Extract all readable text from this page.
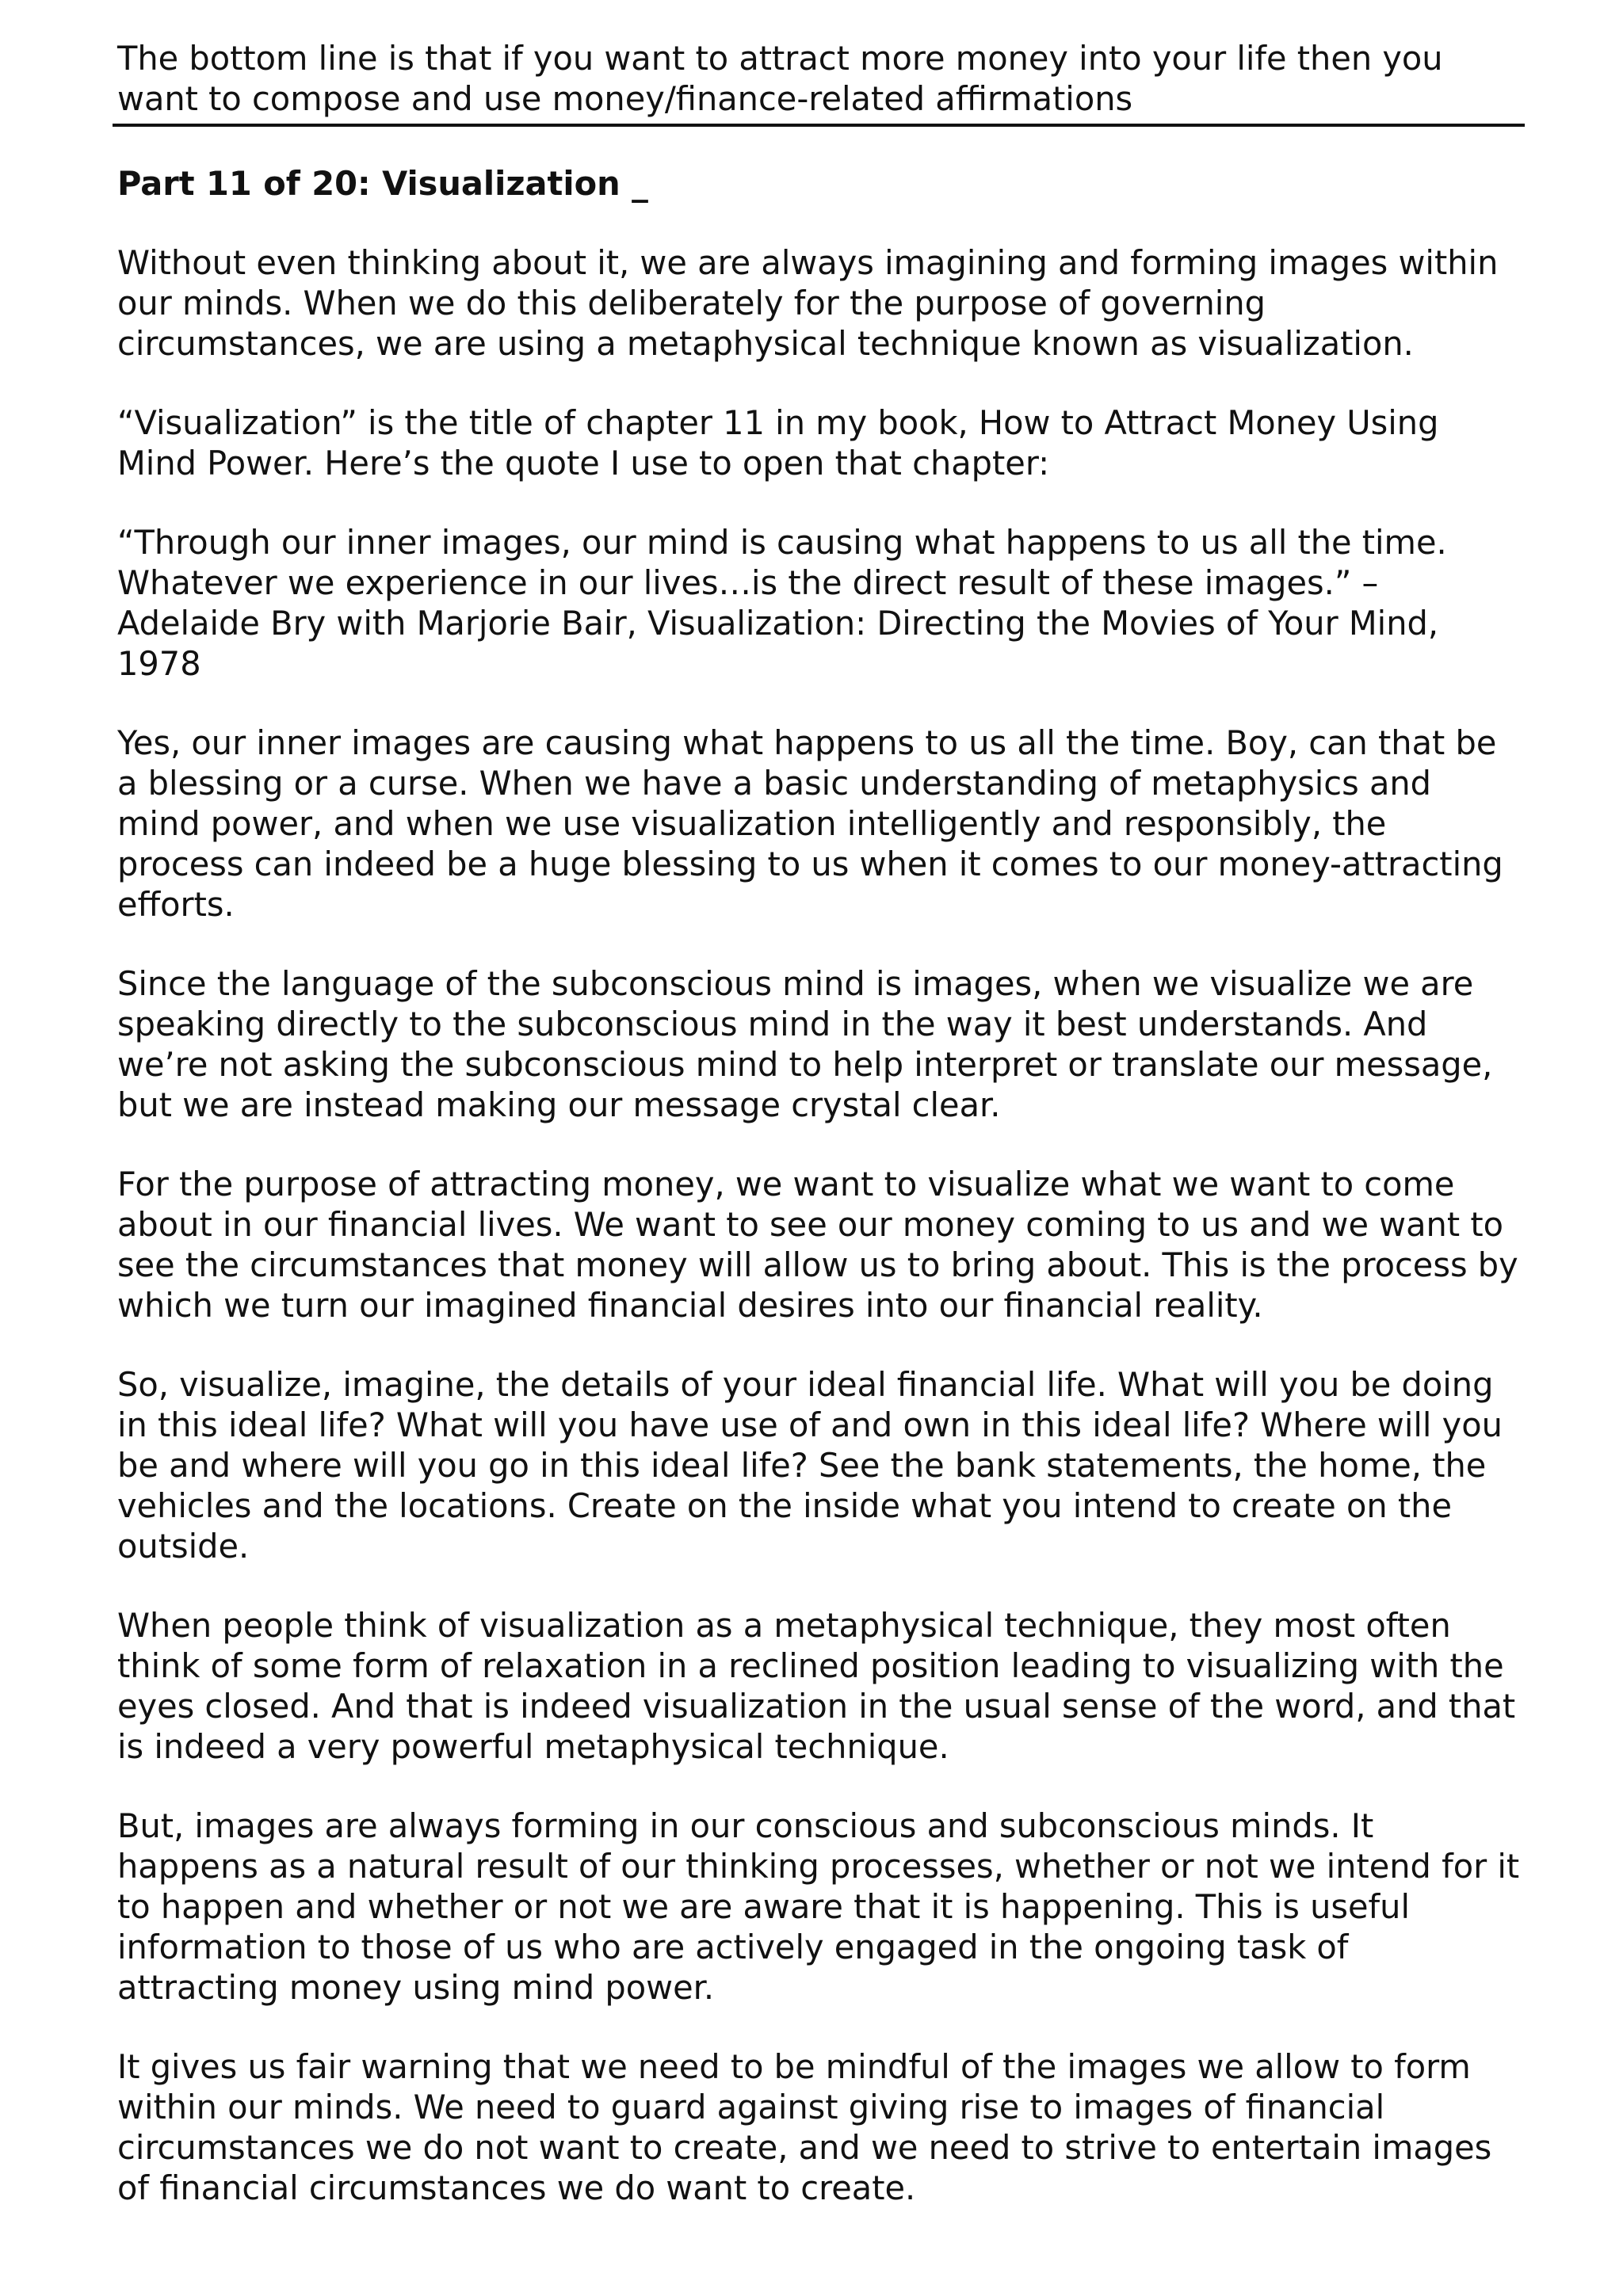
The bottom line is that if you want to attract more money into your life then you want to compose and use money/finance-related affirmations

Part 11 of 20: Visualization _

Without even thinking about it, we are always imagining and forming images within our minds. When we do this deliberately for the purpose of governing circumstances, we are using a metaphysical technique known as visualization.

“Visualization” is the title of chapter 11 in my book, How to Attract Money Using Mind Power. Here’s the quote I use to open that chapter:

“Through our inner images, our mind is causing what happens to us all the time. Whatever we experience in our lives…is the direct result of these images.” –Adelaide Bry with Marjorie Bair, Visualization: Directing the Movies of Your Mind, 1978

Yes, our inner images are causing what happens to us all the time. Boy, can that be a blessing or a curse. When we have a basic understanding of metaphysics and mind power, and when we use visualization intelligently and responsibly, the process can indeed be a huge blessing to us when it comes to our money-attracting efforts.

Since the language of the subconscious mind is images, when we visualize we are speaking directly to the subconscious mind in the way it best understands. And we’re not asking the subconscious mind to help interpret or translate our message, but we are instead making our message crystal clear.

For the purpose of attracting money, we want to visualize what we want to come about in our financial lives. We want to see our money coming to us and we want to see the circumstances that money will allow us to bring about. This is the process by which we turn our imagined financial desires into our financial reality.

So, visualize, imagine, the details of your ideal financial life. What will you be doing in this ideal life? What will you have use of and own in this ideal life? Where will you be and where will you go in this ideal life? See the bank statements, the home, the vehicles and the locations. Create on the inside what you intend to create on the outside.

When people think of visualization as a metaphysical technique, they most often think of some form of relaxation in a reclined position leading to visualizing with the eyes closed. And that is indeed visualization in the usual sense of the word, and that is indeed a very powerful metaphysical technique.

But, images are always forming in our conscious and subconscious minds. It happens as a natural result of our thinking processes, whether or not we intend for it to happen and whether or not we are aware that it is happening. This is useful information to those of us who are actively engaged in the ongoing task of attracting money using mind power.

It gives us fair warning that we need to be mindful of the images we allow to form within our minds. We need to guard against giving rise to images of financial circumstances we do not want to create, and we need to strive to entertain images of financial circumstances we do want to create.
